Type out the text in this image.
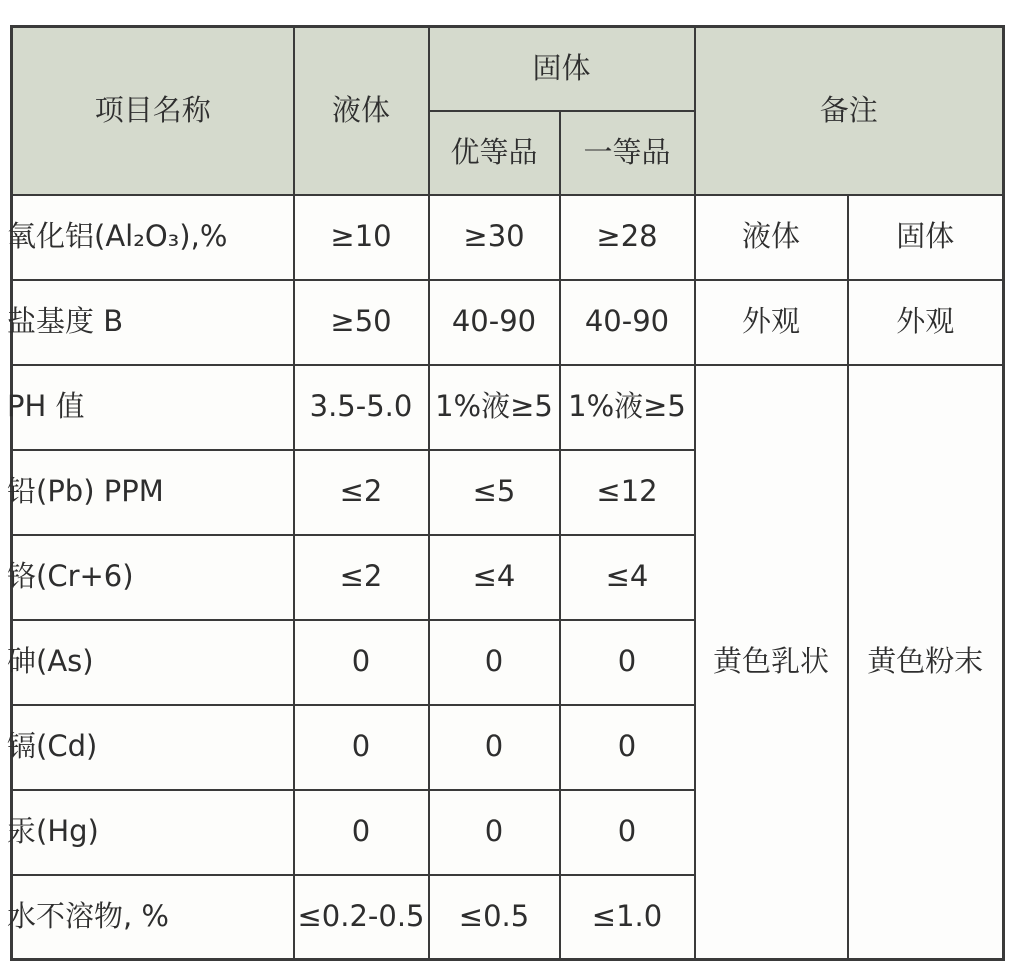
项目名称	液体	固体		备注	
		优等品	一等品		
氧化铝(Al₂O₃),%	≥10	≥30	≥28	液体	固体
盐基度 B	≥50	40-90	40-90	外观	外观
PH 值	3.5-5.0	1%液≥5	1%液≥5	黄色乳状	黄色粉末
铅(Pb) PPM	≤2	≤5	≤12		
铬(Cr+6)	≤2	≤4	≤4		
砷(As)	0	0	0		
镉(Cd)	0	0	0		
汞(Hg)	0	0	0		
水不溶物, %	≤0.2-0.5	≤0.5	≤1.0		
